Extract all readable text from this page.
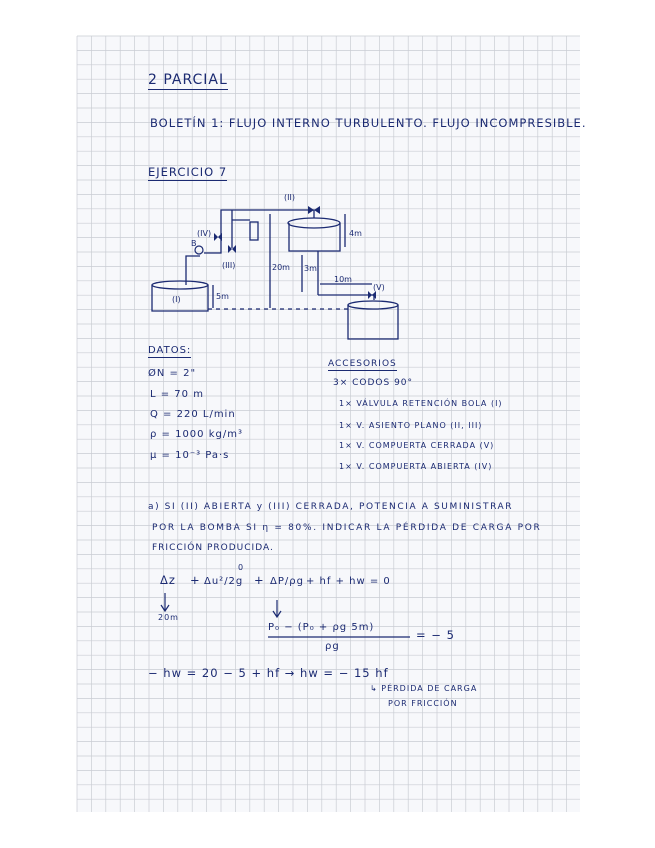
2 PARCIAL
BOLETÍN 1: FLUJO INTERNO TURBULENTO. FLUJO INCOMPRESIBLE.
EJERCICIO 7
(II)
(IV)
(III)
(V)
(I)
B
4m
20m 3m
10m
5m
DATOS:
ØN = 2"
L = 70 m
Q = 220 L/min
ρ = 1000 kg/m³
μ = 10⁻³ Pa·s
ACCESORIOS
3× CODOS 90°
1× VÁLVULA RETENCIÓN BOLA (I)
1× V. ASIENTO PLANO (II, III)
1× V. COMPUERTA CERRADA (V)
1× V. COMPUERTA ABIERTA (IV)
a) SI (II) ABIERTA y (III) CERRADA, POTENCIA A SUMINISTRAR
POR LA BOMBA SI η = 80%. INDICAR LA PÉRDIDA DE CARGA POR
FRICCIÓN PRODUCIDA.
Δz + Δu²/2g
0
+ ΔP/ρg + hf + hw = 0
20m
P₀ − (P₀ + ρg 5m)
ρg
= − 5
− hw = 20 − 5 + hf → hw = − 15 hf
↳ PÉRDIDA DE CARGA
POR FRICCIÓN
